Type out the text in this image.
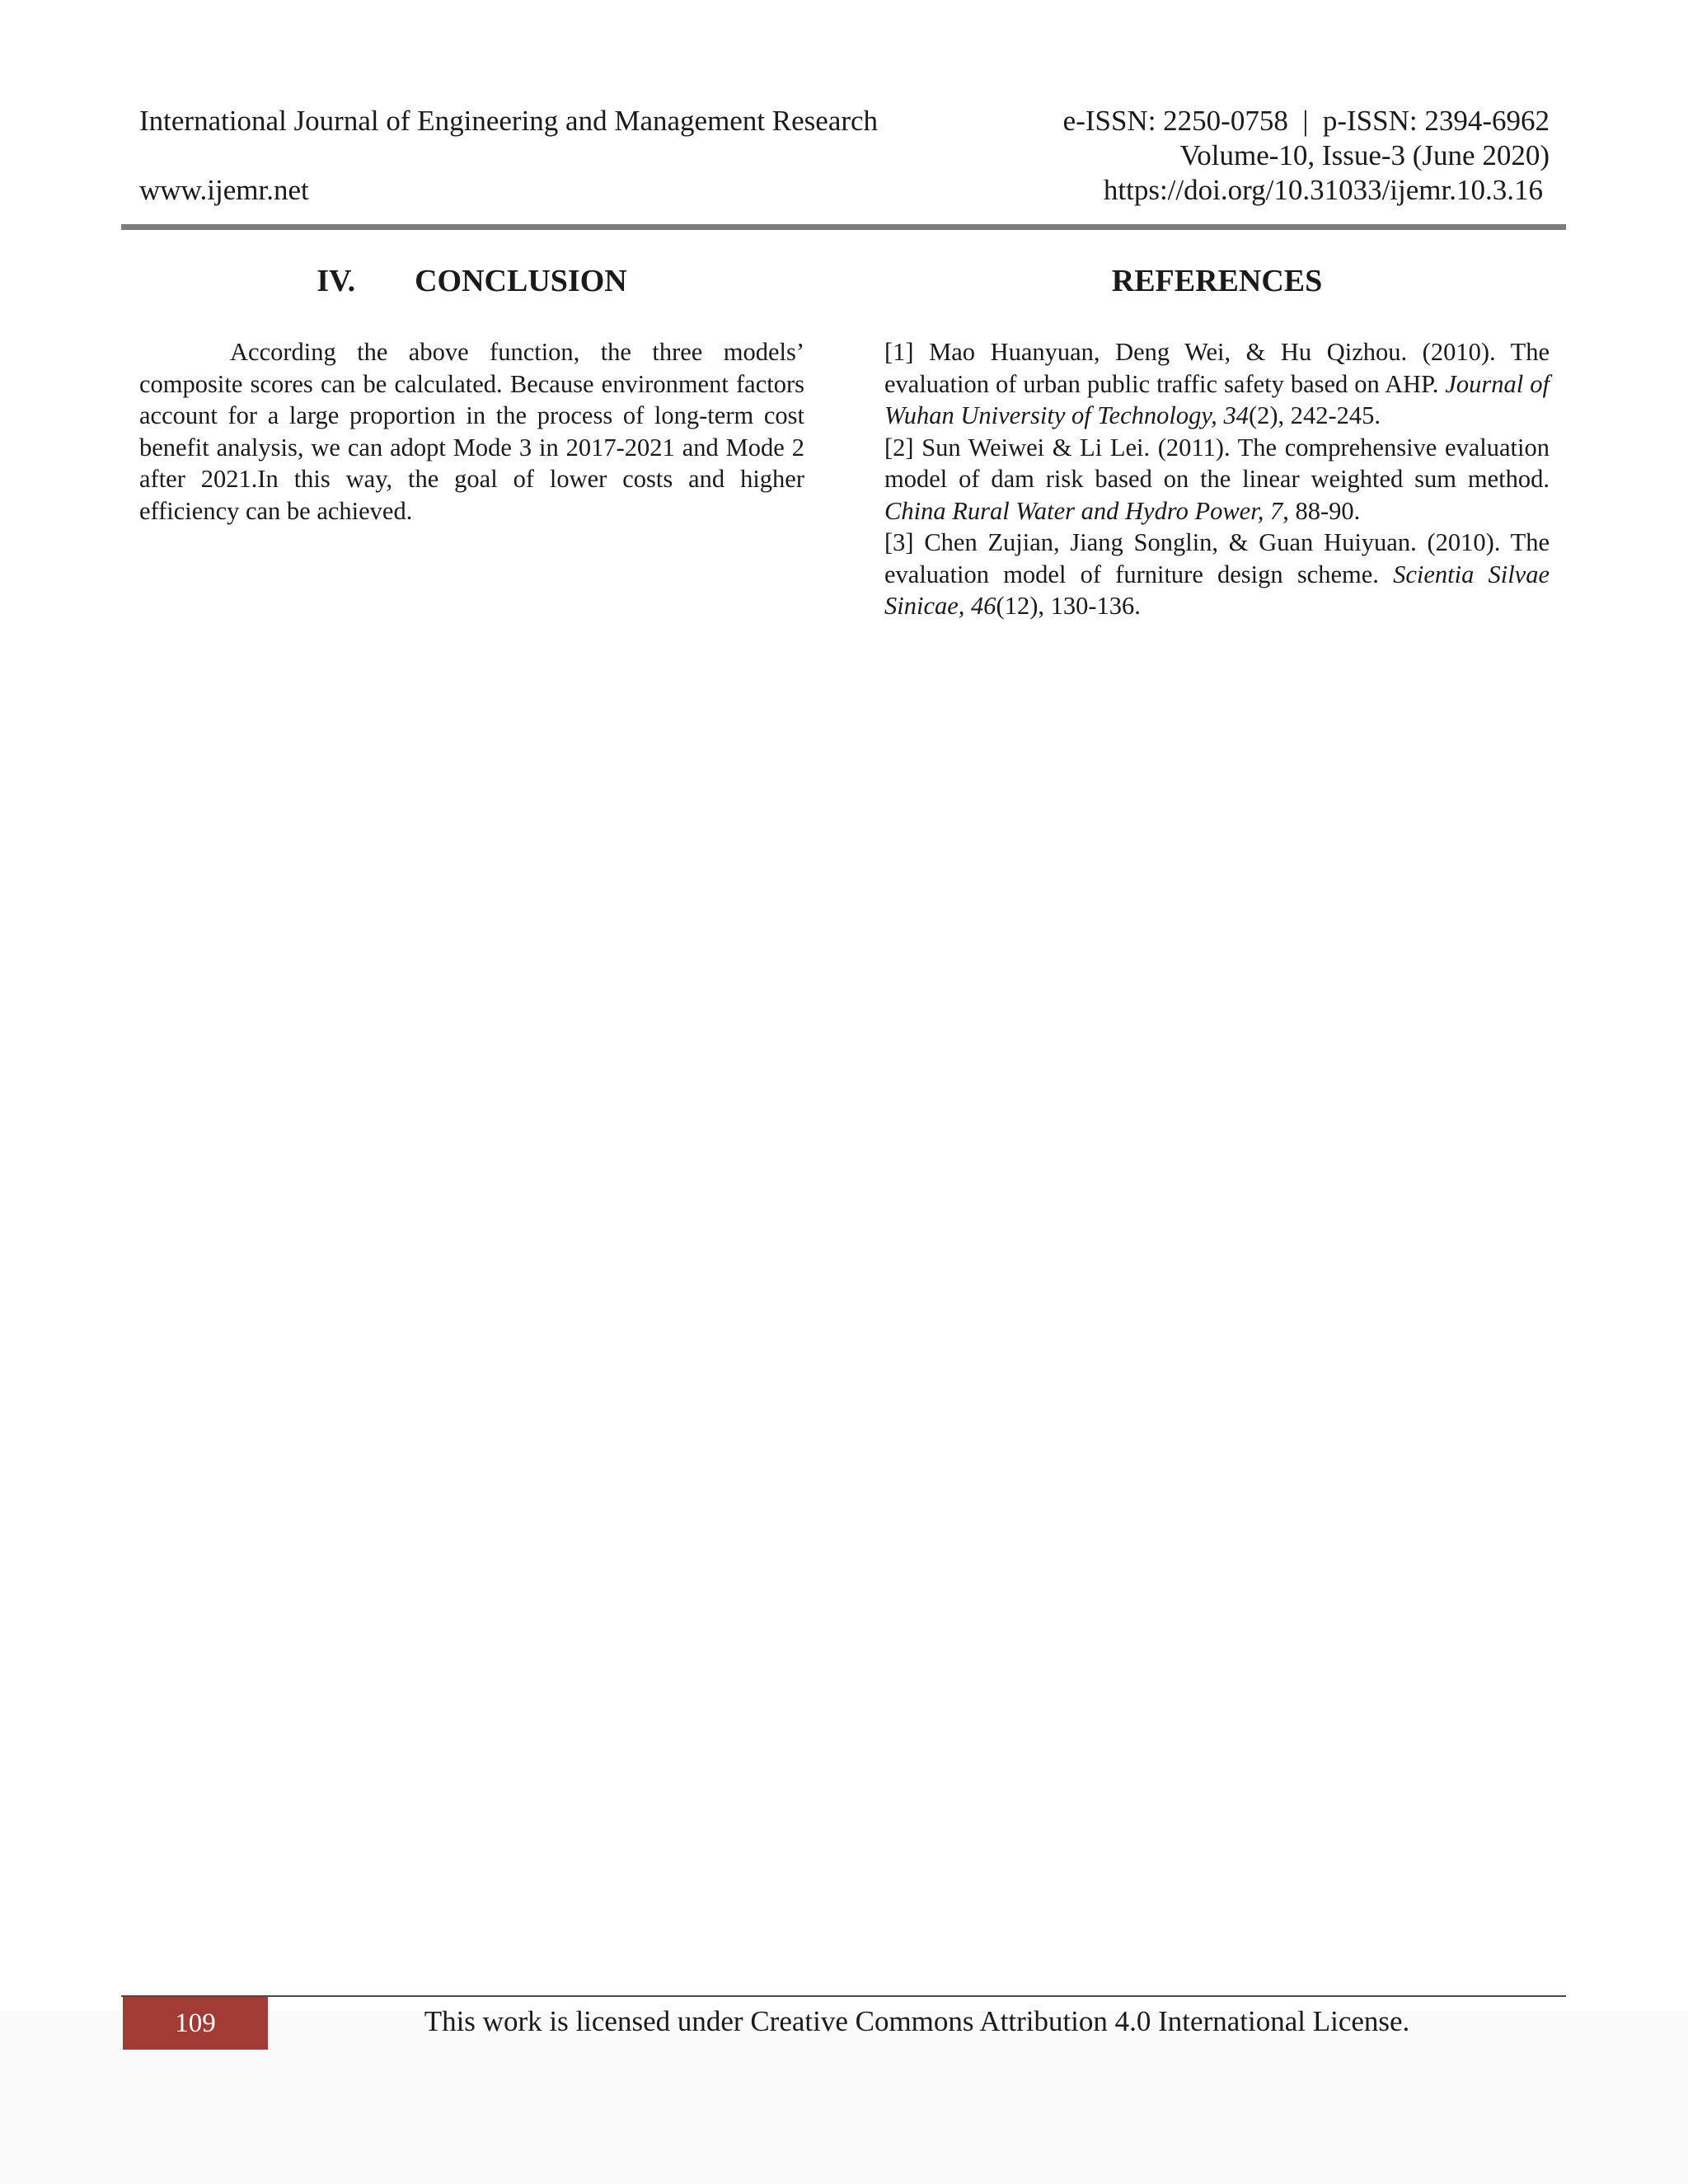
International Journal of Engineering and Management Research	e-ISSN: 2250-0758  |  p-ISSN: 2394-6962
Volume-10, Issue-3 (June 2020)
www.ijemr.net	https://doi.org/10.31033/ijemr.10.3.16
IV. CONCLUSION

According the above function, the three models’ composite scores can be calculated. Because environment factors account for a large proportion in the process of long-term cost benefit analysis, we can adopt Mode 3 in 2017-2021 and Mode 2 after 2021.In this way, the goal of lower costs and higher efficiency can be achieved.

REFERENCES

[1] Mao Huanyuan, Deng Wei, & Hu Qizhou. (2010). The evaluation of urban public traffic safety based on AHP. Journal of Wuhan University of Technology, 34(2), 242-245.

[2] Sun Weiwei & Li Lei. (2011). The comprehensive evaluation model of dam risk based on the linear weighted sum method. China Rural Water and Hydro Power, 7, 88-90.

[3] Chen Zujian, Jiang Songlin, & Guan Huiyuan. (2010). The evaluation model of furniture design scheme. Scientia Silvae Sinicae, 46(12), 130-136.

109	This work is licensed under Creative Commons Attribution 4.0 International License.
